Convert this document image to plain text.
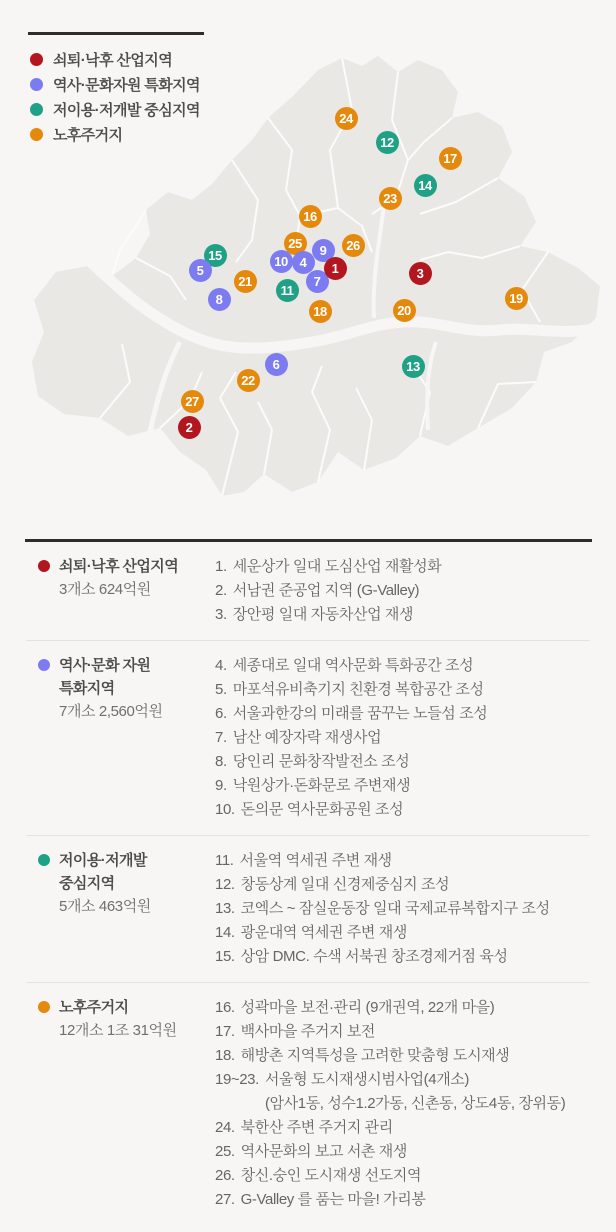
쇠퇴·낙후 산업지역
역사·문화자원 특화지역
저이용·저개발 중심지역
노후주거지
24
12
17
14
23
16
15
5
21
8
25	26
10
9
4
7
1
11
18
3
20
19
13
6
22
27
2
쇠퇴·낙후 산업지역
3개소 624억원
1. 세운상가 일대 도심산업 재활성화
2. 서남권 준공업 지역 (G-Valley)
3. 장안평 일대 자동차산업 재생
역사·문화 자원
특화지역
7개소 2,560억원
4. 세종대로 일대 역사문화 특화공간 조성
5. 마포석유비축기지 친환경 복합공간 조성
6. 서울과한강의 미래를 꿈꾸는 노들섬 조성
7. 남산 예장자락 재생사업
8. 당인리 문화창작발전소 조성
9. 낙원상가·돈화문로 주변재생
10. 돈의문 역사문화공원 조성
저이용·저개발
중심지역
5개소 463억원
11. 서울역 역세권 주변 재생
12. 창동상계 일대 신경제중심지 조성
13. 코엑스 ~ 잠실운동장 일대 국제교류복합지구 조성
14. 광운대역 역세권 주변 재생
15. 상암 DMC. 수색 서북권 창조경제거점 육성
노후주거지
12개소 1조 31억원
16. 성곽마을 보전·관리 (9개권역, 22개 마을)
17. 백사마을 주거지 보전
18. 해방촌 지역특성을 고려한 맞춤형 도시재생
19~23. 서울형 도시재생시범사업(4개소)
(암사1동, 성수1.2가동, 신촌동, 상도4동, 장위동)
24. 북한산 주변 주거지 관리
25. 역사문화의 보고 서촌 재생
26. 창신.숭인 도시재생 선도지역
27. G-Valley 를 품는 마을! 가리봉
